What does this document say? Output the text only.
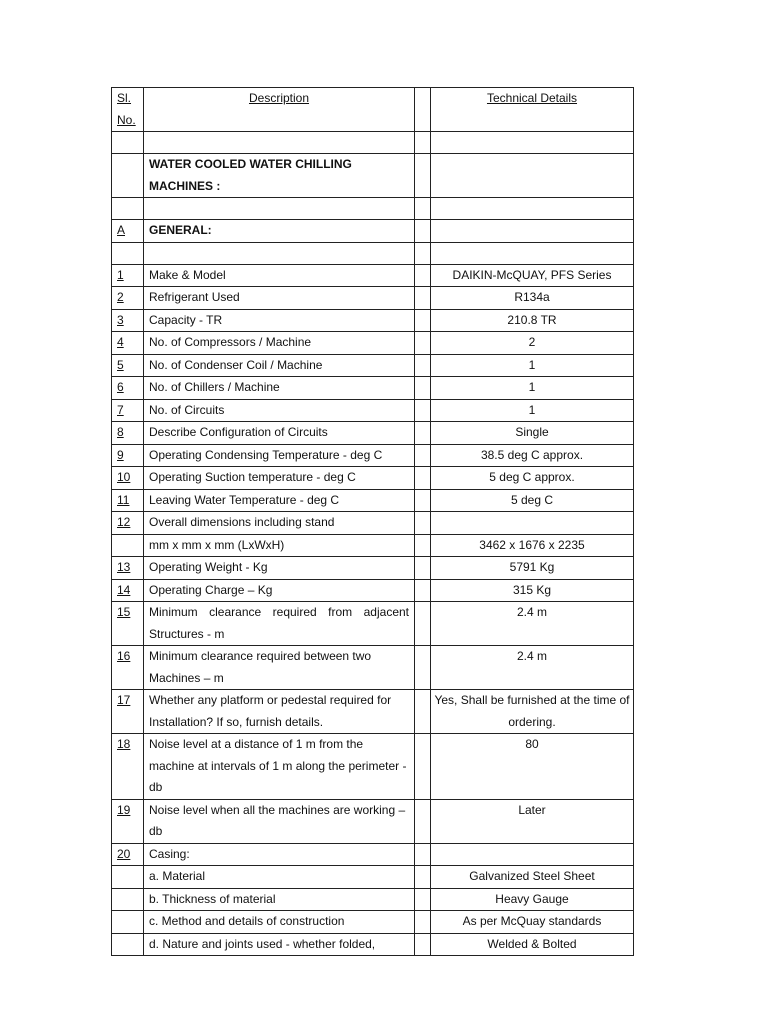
Sl. No.	Description		Technical Details

	WATER COOLED WATER CHILLING MACHINES :		

A	GENERAL:		

1	Make & Model		DAIKIN-McQUAY, PFS Series
2	Refrigerant Used		R134a
3	Capacity - TR		210.8 TR
4	No. of Compressors / Machine		2
5	No. of Condenser Coil / Machine		1
6	No. of Chillers / Machine		1
7	No. of Circuits		1
8	Describe Configuration of Circuits		Single
9	Operating Condensing Temperature - deg C		38.5 deg C approx.
10	Operating Suction temperature - deg C		5 deg C approx.
11	Leaving Water Temperature - deg C		5 deg C
12	Overall dimensions including stand		
	mm x mm x mm (LxWxH)		3462 x 1676 x 2235
13	Operating Weight - Kg		5791 Kg
14	Operating Charge – Kg		315 Kg
15	Minimum clearance required from adjacent Structures - m		2.4 m
16	Minimum clearance required between two Machines – m		2.4 m
17	Whether any platform or pedestal required for Installation? If so, furnish details.		Yes, Shall be furnished at the time of ordering.
18	Noise level at a distance of 1 m from the machine at intervals of 1 m along the perimeter - db		80
19	Noise level when all the machines are working – db		Later
20	Casing:		
	a. Material		Galvanized Steel Sheet
	b. Thickness of material		Heavy Gauge
	c. Method and details of construction		As per McQuay standards
	d. Nature and joints used - whether folded,		Welded & Bolted
